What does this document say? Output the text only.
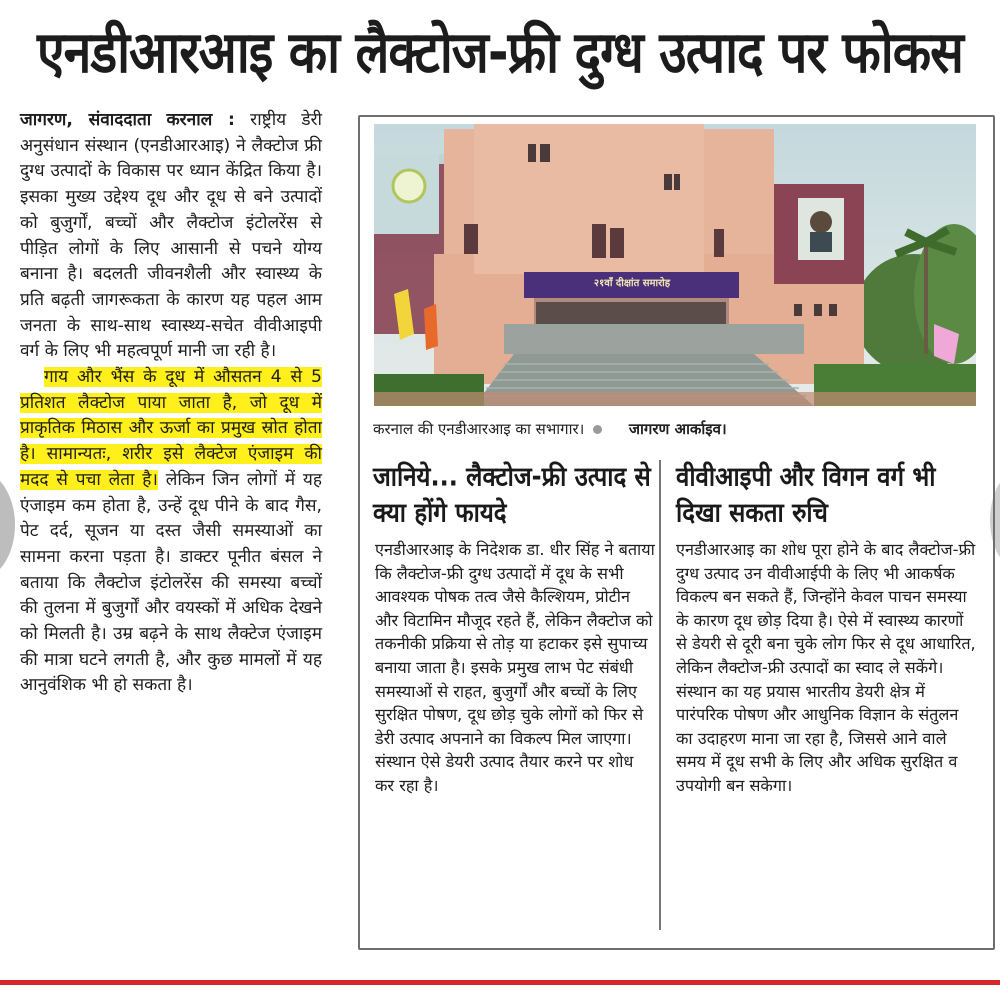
एनडीआरआइ का लैक्टोज-फ्री दुग्ध उत्पाद पर फोकस

जागरण, संवाददाता करनाल : राष्ट्रीय डेरी अनुसंधान संस्थान (एनडीआरआइ) ने लैक्टोज फ्री दुग्ध उत्पादों के विकास पर ध्यान केंद्रित किया है। इसका मुख्य उद्देश्य दूध और दूध से बने उत्पादों को बुजुर्गों, बच्चों और लैक्टोज इंटोलरेंस से पीड़ित लोगों के लिए आसानी से पचने योग्य बनाना है। बदलती जीवनशैली और स्वास्थ्य के प्रति बढ़ती जागरूकता के कारण यह पहल आम जनता के साथ-साथ स्वास्थ्य-सचेत वीवीआइपी वर्ग के लिए भी महत्वपूर्ण मानी जा रही है।

गाय और भैंस के दूध में औसतन 4 से 5 प्रतिशत लैक्टोज पाया जाता है, जो दूध में प्राकृतिक मिठास और ऊर्जा का प्रमुख स्रोत होता है। सामान्यतः, शरीर इसे लैक्टेज एंजाइम की मदद से पचा लेता है। लेकिन जिन लोगों में यह एंजाइम कम होता है, उन्हें दूध पीने के बाद गैस, पेट दर्द, सूजन या दस्त जैसी समस्याओं का सामना करना पड़ता है। डाक्टर पूनीत बंसल ने बताया कि लैक्टोज इंटोलरेंस की समस्या बच्चों की तुलना में बुजुर्गों और वयस्कों में अधिक देखने को मिलती है। उम्र बढ़ने के साथ लैक्टेज एंजाइम की मात्रा घटने लगती है, और कुछ मामलों में यह आनुवंशिक भी हो सकता है।

२१वाँ दीक्षांत समारोह
करनाल की एनडीआरआइ का सभागार।	जागरण आर्काइव।
जानिये... लैक्टोज-फ्री उत्पाद से क्या होंगे फायदे
वीवीआइपी और विगन वर्ग भी दिखा सकता रुचि

एनडीआरआइ के निदेशक डा. धीर सिंह ने बताया कि लैक्टोज-फ्री दुग्ध उत्पादों में दूध के सभी आवश्यक पोषक तत्व जैसे कैल्शियम, प्रोटीन और विटामिन मौजूद रहते हैं, लेकिन लैक्टोज को तकनीकी प्रक्रिया से तोड़ या हटाकर इसे सुपाच्य बनाया जाता है। इसके प्रमुख लाभ पेट संबंधी समस्याओं से राहत, बुजुर्गों और बच्चों के लिए सुरक्षित पोषण, दूध छोड़ चुके लोगों को फिर से डेरी उत्पाद अपनाने का विकल्प मिल जाएगा। संस्थान ऐसे डेयरी उत्पाद तैयार करने पर शोध कर रहा है।

एनडीआरआइ का शोध पूरा होने के बाद लैक्टोज-फ्री दुग्ध उत्पाद उन वीवीआईपी के लिए भी आकर्षक विकल्प बन सकते हैं, जिन्होंने केवल पाचन समस्या के कारण दूध छोड़ दिया है। ऐसे में स्वास्थ्य कारणों से डेयरी से दूरी बना चुके लोग फिर से दूध आधारित, लेकिन लैक्टोज-फ्री उत्पादों का स्वाद ले सकेंगे। संस्थान का यह प्रयास भारतीय डेयरी क्षेत्र में पारंपरिक पोषण और आधुनिक विज्ञान के संतुलन का उदाहरण माना जा रहा है, जिससे आने वाले समय में दूध सभी के लिए और अधिक सुरक्षित व उपयोगी बन सकेगा।
